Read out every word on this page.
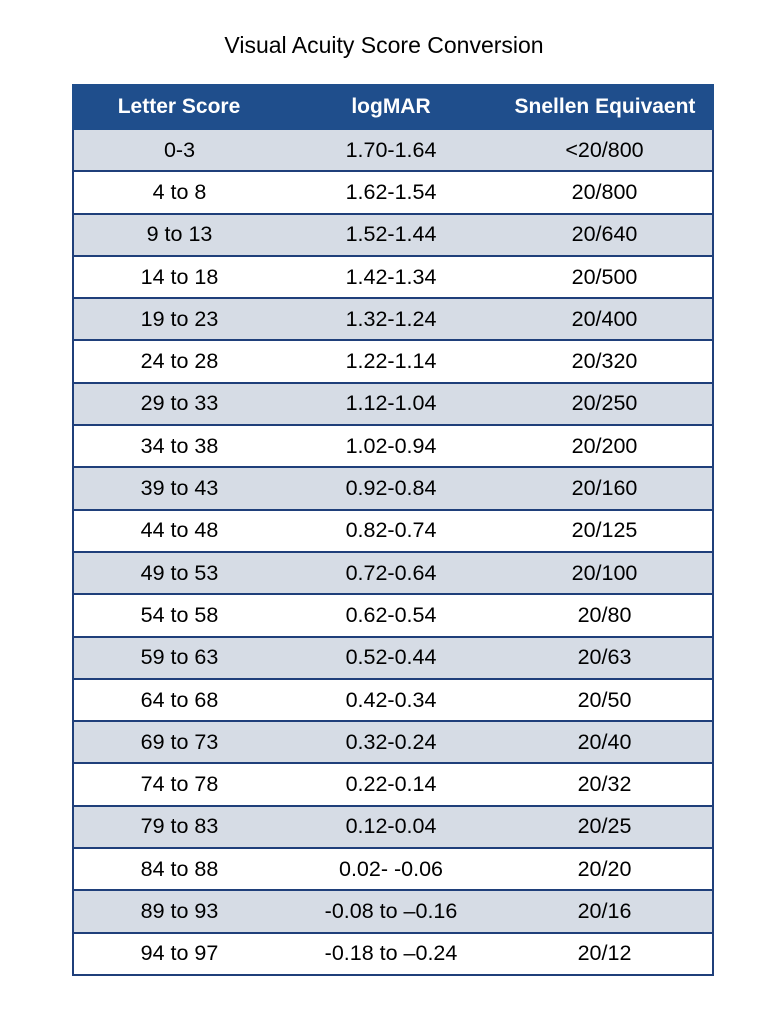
Visual Acuity Score Conversion
Letter Score	logMAR	Snellen Equivaent
0-3	1.70-1.64	<20/800
4 to 8	1.62-1.54	20/800
9 to 13	1.52-1.44	20/640
14 to 18	1.42-1.34	20/500
19 to 23	1.32-1.24	20/400
24 to 28	1.22-1.14	20/320
29 to 33	1.12-1.04	20/250
34 to 38	1.02-0.94	20/200
39 to 43	0.92-0.84	20/160
44 to 48	0.82-0.74	20/125
49 to 53	0.72-0.64	20/100
54 to 58	0.62-0.54	20/80
59 to 63	0.52-0.44	20/63
64 to 68	0.42-0.34	20/50
69 to 73	0.32-0.24	20/40
74 to 78	0.22-0.14	20/32
79 to 83	0.12-0.04	20/25
84 to 88	0.02- -0.06	20/20
89 to 93	-0.08 to –0.16	20/16
94 to 97	-0.18 to –0.24	20/12
